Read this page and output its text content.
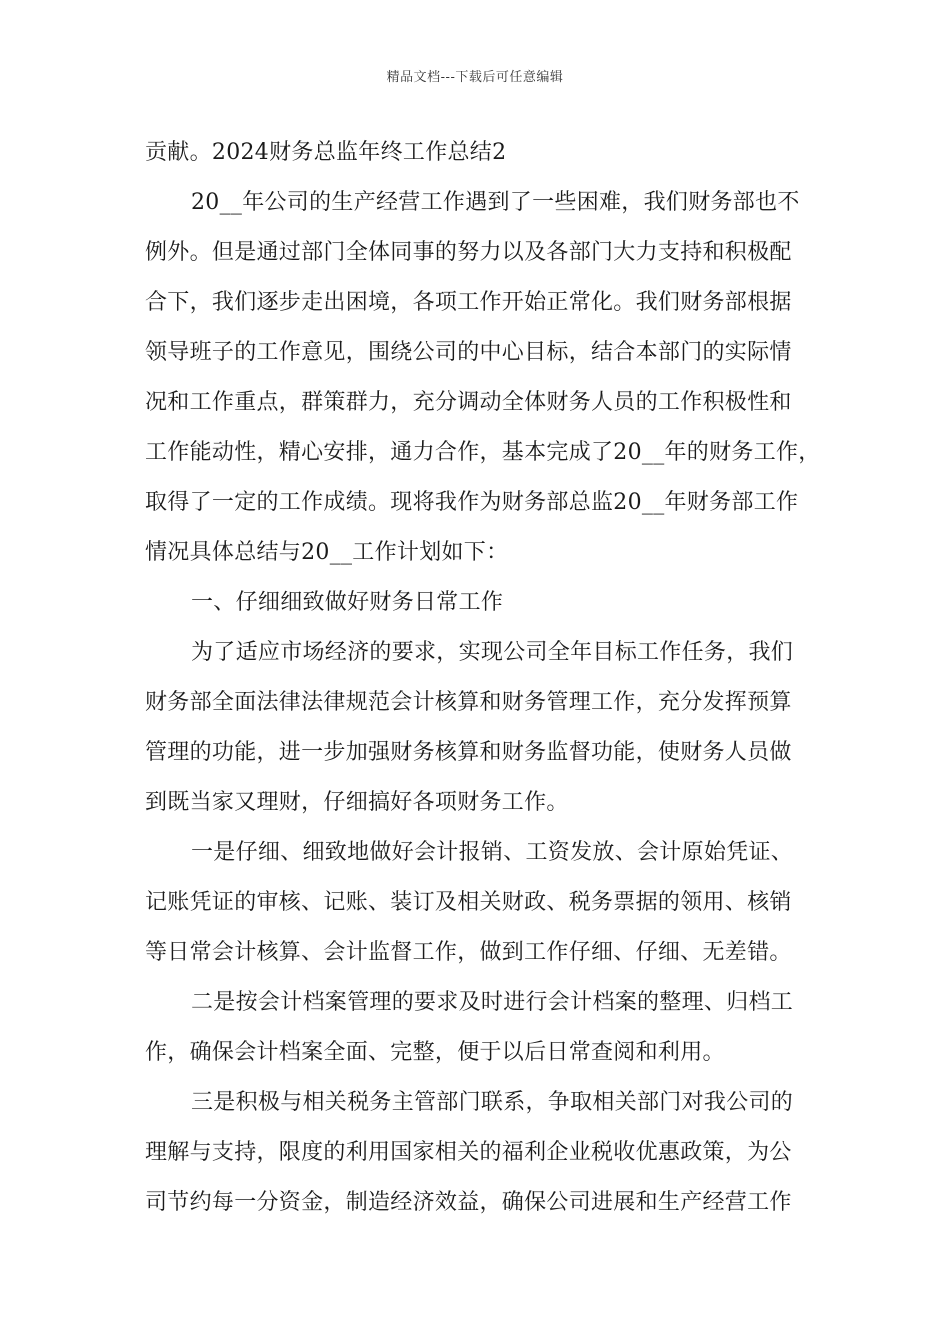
精品文档---下载后可任意编辑
贡献。2024财务总监年终工作总结2
20__年公司的生产经营工作遇到了一些困难，我们财务部也不
例外。但是通过部门全体同事的努力以及各部门大力支持和积极配
合下，我们逐步走出困境，各项工作开始正常化。我们财务部根据
领导班子的工作意见，围绕公司的中心目标，结合本部门的实际情
况和工作重点，群策群力，充分调动全体财务人员的工作积极性和
工作能动性，精心安排，通力合作，基本完成了20__年的财务工作，
取得了一定的工作成绩。现将我作为财务部总监20__年财务部工作
情况具体总结与20__工作计划如下：
一、仔细细致做好财务日常工作
为了适应市场经济的要求，实现公司全年目标工作任务，我们
财务部全面法律法律规范会计核算和财务管理工作，充分发挥预算
管理的功能，进一步加强财务核算和财务监督功能，使财务人员做
到既当家又理财，仔细搞好各项财务工作。
一是仔细、细致地做好会计报销、工资发放、会计原始凭证、
记账凭证的审核、记账、装订及相关财政、税务票据的领用、核销
等日常会计核算、会计监督工作，做到工作仔细、仔细、无差错。
二是按会计档案管理的要求及时进行会计档案的整理、归档工
作，确保会计档案全面、完整，便于以后日常查阅和利用。
三是积极与相关税务主管部门联系，争取相关部门对我公司的
理解与支持，限度的利用国家相关的福利企业税收优惠政策，为公
司节约每一分资金，制造经济效益，确保公司进展和生产经营工作
